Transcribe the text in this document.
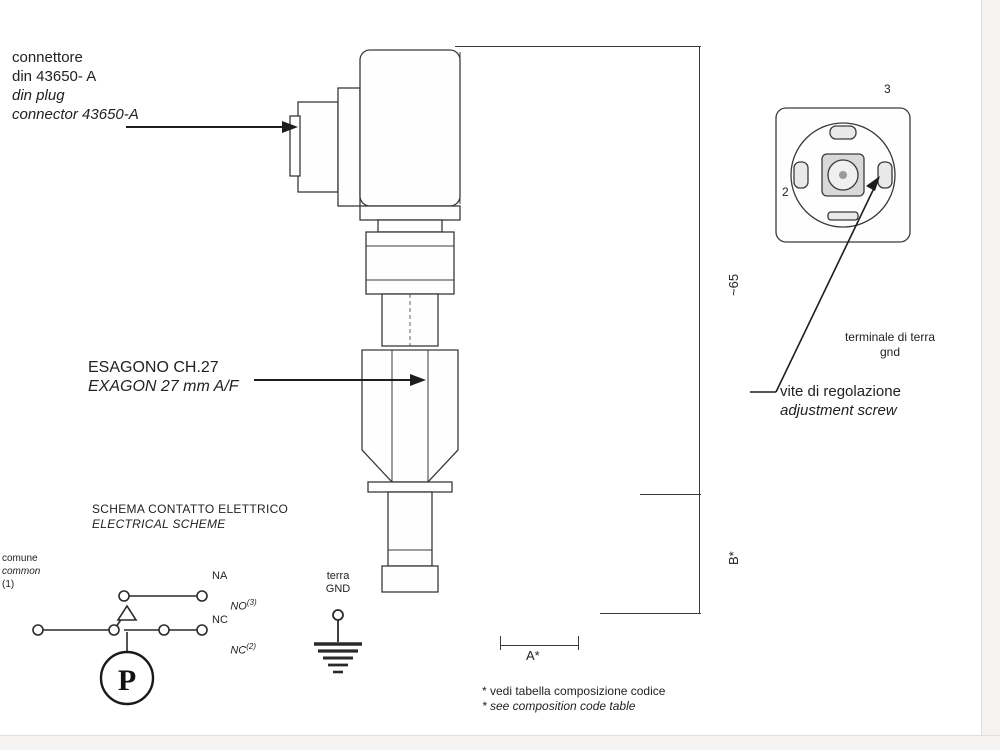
~65
B*
A*
connettore
din 43650- A
din plug
connector 43650-A
ESAGONO CH.27
EXAGON 27 mm A/F
3
2
terminale di terra
gnd
vite di regolazione
adjustment screw
SCHEMA CONTATTO ELETTRICO
ELECTRICAL SCHEME
P
comune
common
(1)
NA

NO$^{(3)}$

NC

NC$^{(2)}$

terra
GND
* vedi tabella composizione codice
* see composition code table
